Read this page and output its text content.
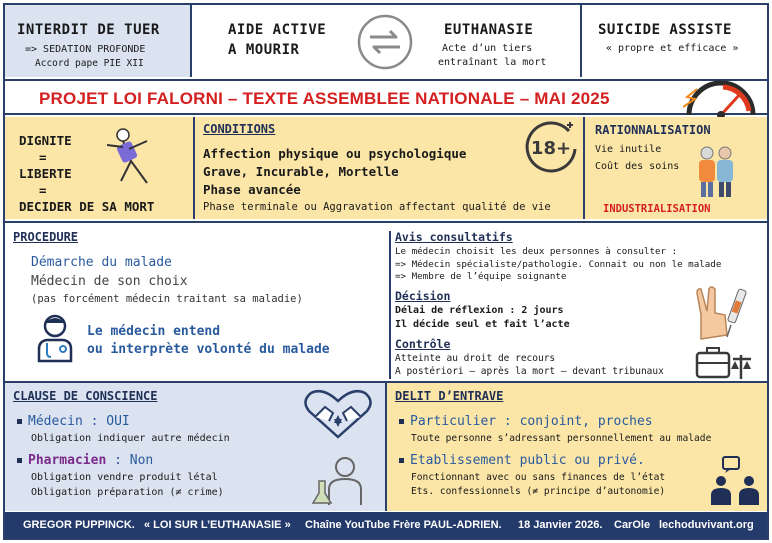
INTERDIT DE TUER
=> SEDATION PROFONDE
Accord pape PIE XII
AIDE ACTIVE
A MOURIR
EUTHANASIE
Acte d’un tiers
entraînant la mort
SUICIDE ASSISTE
« propre et efficace »
PROJET LOI FALORNI – TEXTE ASSEMBLEE NATIONALE – MAI 2025
DIGNITE
=
LIBERTE
=
DECIDER DE SA MORT
CONDITIONS
Affection physique ou psychologique
Grave, Incurable, Mortelle
Phase avancée
Phase terminale ou Aggravation affectant qualité de vie
18+
RATIONNALISATION
Vie inutile
Coût des soins
INDUSTRIALISATION
PROCEDURE
Démarche du malade
Médecin de son choix
(pas forcément médecin traitant sa maladie)
Le médecin entend
ou interprète volonté du malade
Avis consultatifs
Le médecin choisit les deux personnes à consulter :
=> Médecin spécialiste/pathologie. Connait ou non le malade
=> Membre de l’équipe soignante
Décision
Délai de réflexion : 2 jours
Il décide seul et fait l’acte
Contrôle
Atteinte au droit de recours
A postériori – après la mort – devant tribunaux
CLAUSE DE CONSCIENCE
Médecin : OUI
Obligation indiquer autre médecin
Pharmacien : Non
Obligation vendre produit létal
Obligation préparation (≠ crime)
DELIT D’ENTRAVE
Particulier : conjoint, proches
Toute personne s’adressant personnellement au malade
Etablissement public ou privé.
Fonctionnant avec ou sans finances de l’état
Ets. confessionnels (≠ principe d’autonomie)
GREGOR PUPPINCK. « LOI SUR L’EUTHANASIE » Chaîne YouTube Frère PAUL-ADRIEN. 18 Janvier 2026. CarOle lechoduvivant.org
